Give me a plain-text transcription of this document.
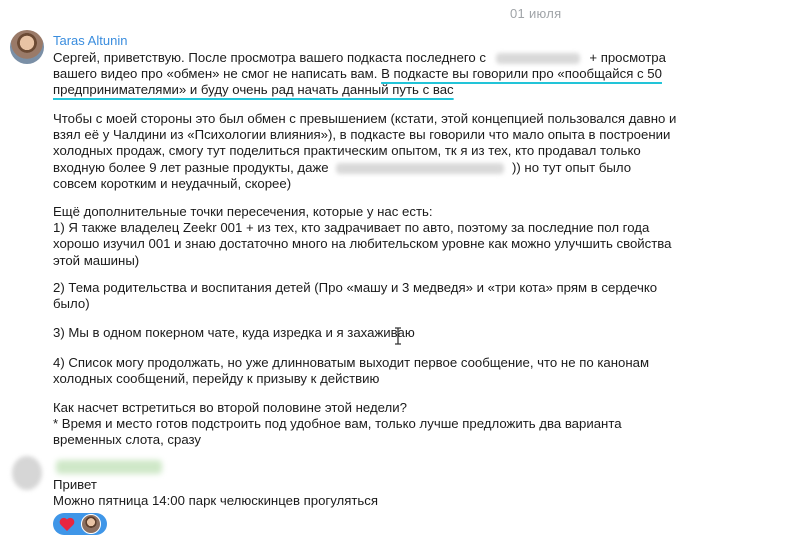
01 июля
Taras Altunin
Сергей, приветствую. После просмотра вашего подкаста последнего с	+ просмотра
вашего видео про «обмен» не смог не написать вам. В подкасте вы говорили про «пообщайся с 50
предпринимателями» и буду очень рад начать данный путь с вас
Чтобы с моей стороны это был обмен с превышением (кстати, этой концепцией пользовался давно и
взял её у Чалдини из «Психологии влияния»), в подкасте вы говорили что мало опыта в построении
холодных продаж, смогу тут поделиться практическим опытом, тк я из тех, кто продавал только
входную более 9 лет разные продукты, даже	)) но тут опыт было
совсем коротким и неудачный, скорее)
Ещё дополнительные точки пересечения, которые у нас есть:
1) Я также владелец Zeekr 001 + из тех, кто задрачивает по авто, поэтому за последние пол года
хорошо изучил 001 и знаю достаточно много на любительском уровне как можно улучшить свойства
этой машины)
2) Тема родительства и воспитания детей (Про «машу и 3 медведя» и «три кота» прям в сердечко
было)
3) Мы в одном покерном чате, куда изредка и я захаживаю
4) Список могу продолжать, но уже длинноватым выходит первое сообщение, что не по канонам
холодных сообщений, перейду к призыву к действию
Как насчет встретиться во второй половине этой недели?
* Время и место готов подстроить под удобное вам, только лучше предложить два варианта
временных слота, сразу
Привет
Можно пятница 14:00 парк челюскинцев прогуляться
